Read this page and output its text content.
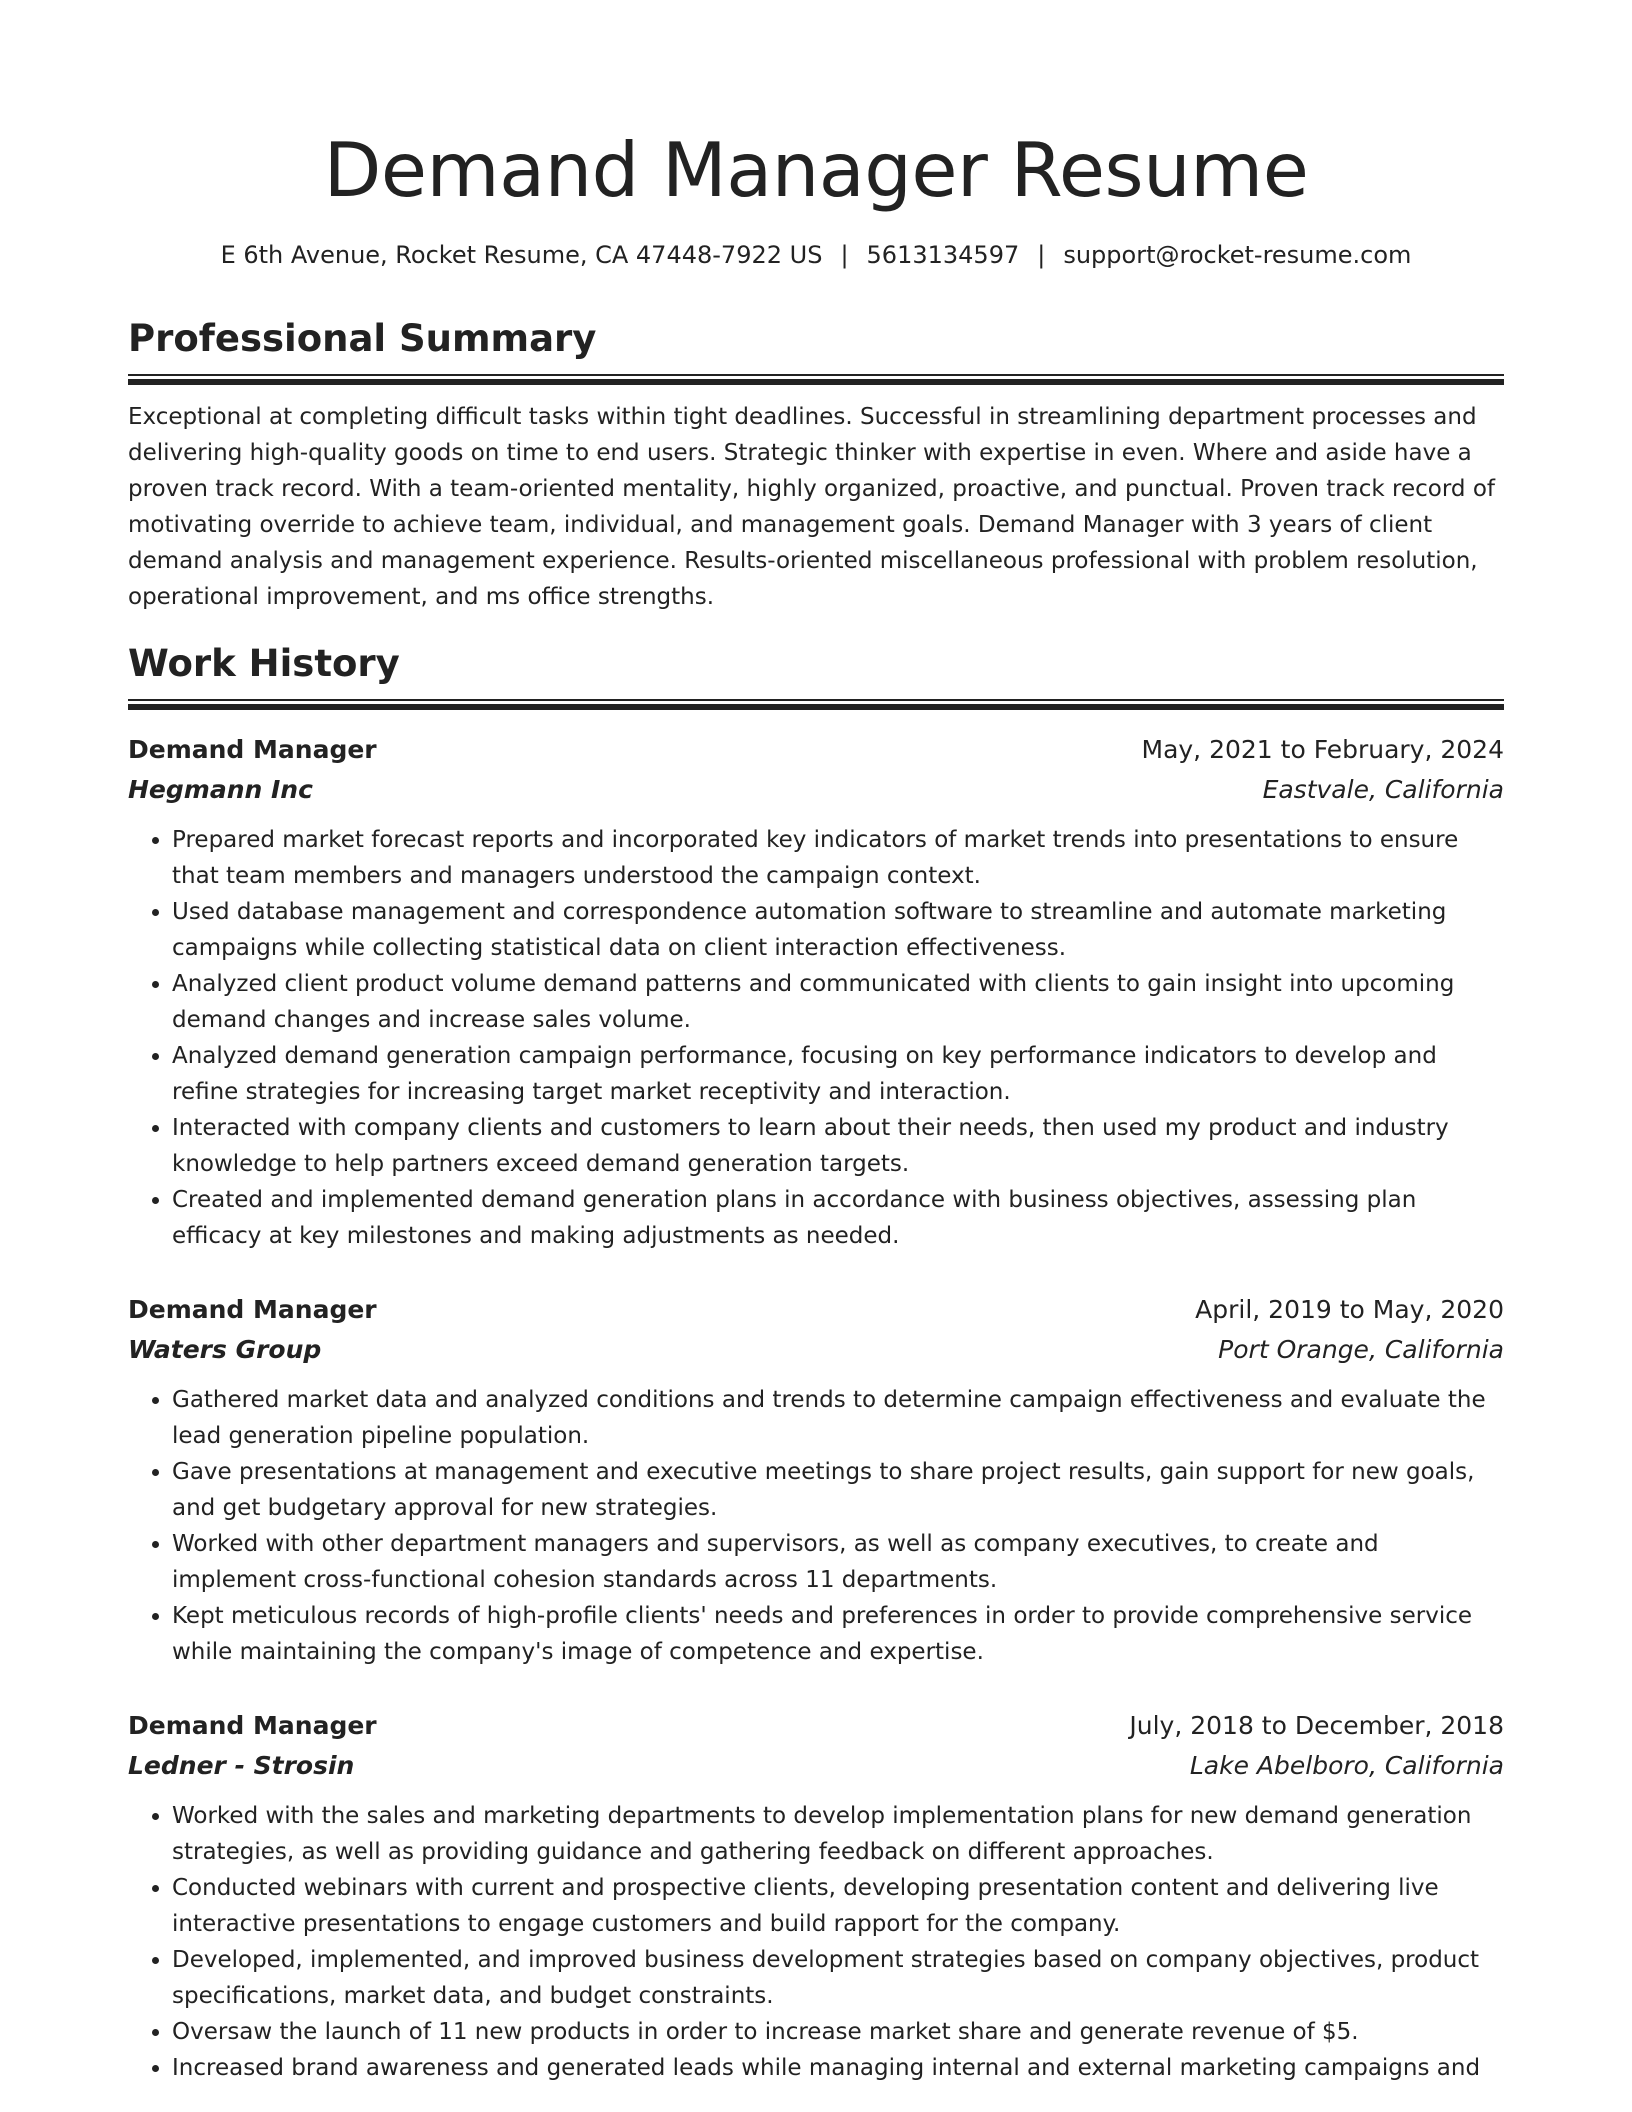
Demand Manager Resume
E 6th Avenue, Rocket Resume, CA 47448-7922 US | 5613134597 | support@rocket-resume.com
Professional Summary

Exceptional at completing difficult tasks within tight deadlines. Successful in streamlining department processes and delivering high-quality goods on time to end users. Strategic thinker with expertise in even. Where and aside have a proven track record. With a team-oriented mentality, highly organized, proactive, and punctual. Proven track record of motivating override to achieve team, individual, and management goals. Demand Manager with 3 years of client demand analysis and management experience. Results-oriented miscellaneous professional with problem resolution, operational improvement, and ms office strengths.

Work History
Demand Manager	May, 2021 to February, 2024
Hegmann Inc	Eastvale, California
• Prepared market forecast reports and incorporated key indicators of market trends into presentations to ensure that team members and managers understood the campaign context.
• Used database management and correspondence automation software to streamline and automate marketing campaigns while collecting statistical data on client interaction effectiveness.
• Analyzed client product volume demand patterns and communicated with clients to gain insight into upcoming demand changes and increase sales volume.
• Analyzed demand generation campaign performance, focusing on key performance indicators to develop and refine strategies for increasing target market receptivity and interaction.
• Interacted with company clients and customers to learn about their needs, then used my product and industry knowledge to help partners exceed demand generation targets.
• Created and implemented demand generation plans in accordance with business objectives, assessing plan efficacy at key milestones and making adjustments as needed.
Demand Manager	April, 2019 to May, 2020
Waters Group	Port Orange, California
• Gathered market data and analyzed conditions and trends to determine campaign effectiveness and evaluate the lead generation pipeline population.
• Gave presentations at management and executive meetings to share project results, gain support for new goals, and get budgetary approval for new strategies.
• Worked with other department managers and supervisors, as well as company executives, to create and implement cross-functional cohesion standards across 11 departments.
• Kept meticulous records of high-profile clients' needs and preferences in order to provide comprehensive service while maintaining the company's image of competence and expertise.
Demand Manager	July, 2018 to December, 2018
Ledner - Strosin	Lake Abelboro, California
• Worked with the sales and marketing departments to develop implementation plans for new demand generation strategies, as well as providing guidance and gathering feedback on different approaches.
• Conducted webinars with current and prospective clients, developing presentation content and delivering live interactive presentations to engage customers and build rapport for the company.
• Developed, implemented, and improved business development strategies based on company objectives, product specifications, market data, and budget constraints.
• Oversaw the launch of 11 new products in order to increase market share and generate revenue of $5.
• Increased brand awareness and generated leads while managing internal and external marketing campaigns and
